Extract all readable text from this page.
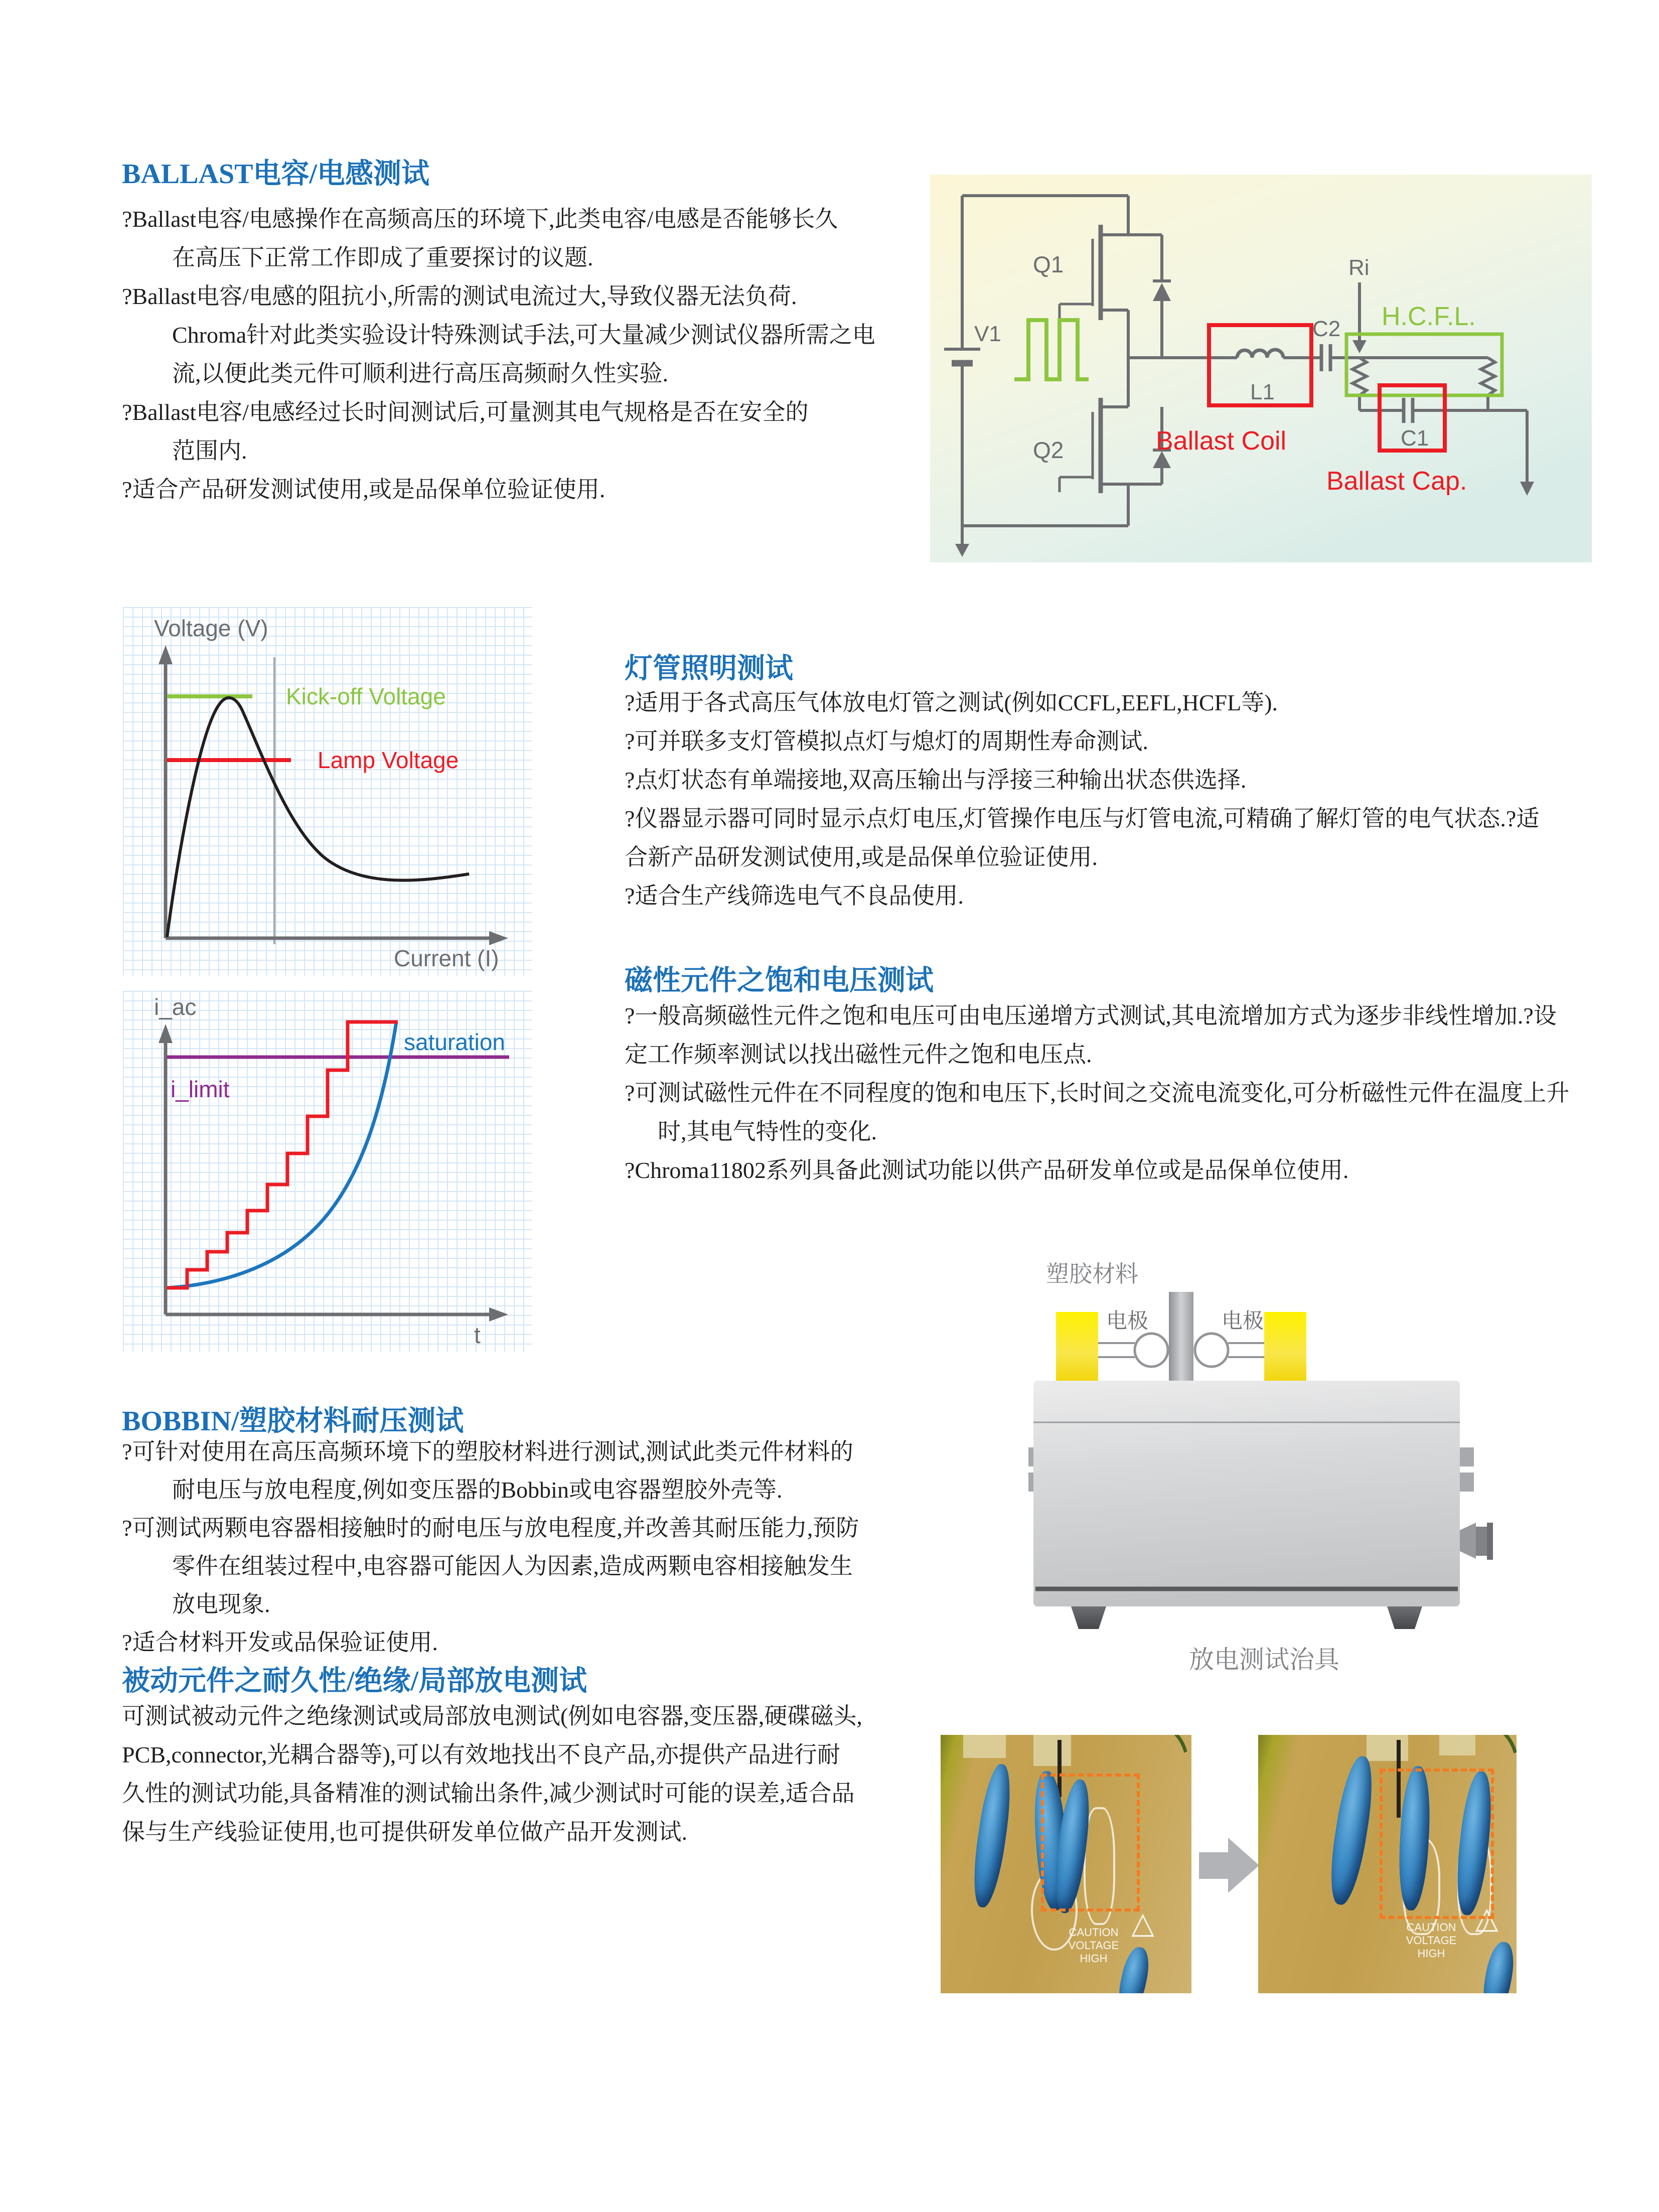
BALLAST电容/电感测试
?Ballast电容/电感操作在高频高压的环境下,此类电容/电感是否能够长久
在高压下正常工作即成了重要探讨的议题.
?Ballast电容/电感的阻抗小,所需的测试电流过大,导致仪器无法负荷.
Chroma针对此类实验设计特殊测试手法,可大量减少测试仪器所需之电
流,以便此类元件可顺利进行高压高频耐久性实验.
?Ballast电容/电感经过长时间测试后,可量测其电气规格是否在安全的
范围内.
?适合产品研发测试使用,或是品保单位验证使用.
V1
Q1
Q2
L1
C2
C1
Ri
H.C.F.L.
Ballast Coil
Ballast Cap.
Voltage (V)
Current (I)
Kick-off Voltage
Lamp Voltage
灯管照明测试
?适用于各式高压气体放电灯管之测试(例如CCFL,EEFL,HCFL等).
?可并联多支灯管模拟点灯与熄灯的周期性寿命测试.
?点灯状态有单端接地,双高压输出与浮接三种输出状态供选择.
?仪器显示器可同时显示点灯电压,灯管操作电压与灯管电流,可精确了解灯管的电气状态.?适
合新产品研发测试使用,或是品保单位验证使用.
?适合生产线筛选电气不良品使用.
磁性元件之饱和电压测试
?一般高频磁性元件之饱和电压可由电压递增方式测试,其电流增加方式为逐步非线性增加.?设
定工作频率测试以找出磁性元件之饱和电压点.
?可测试磁性元件在不同程度的饱和电压下,长时间之交流电流变化,可分析磁性元件在温度上升
时,其电气特性的变化.
?Chroma11802系列具备此测试功能以供产品研发单位或是品保单位使用.
i_ac
t
i_limit
saturation
BOBBIN/塑胶材料耐压测试
?可针对使用在高压高频环境下的塑胶材料进行测试,测试此类元件材料的
耐电压与放电程度,例如变压器的Bobbin或电容器塑胶外壳等.
?可测试两颗电容器相接触时的耐电压与放电程度,并改善其耐压能力,预防
零件在组装过程中,电容器可能因人为因素,造成两颗电容相接触发生
放电现象.
?适合材料开发或品保验证使用.
被动元件之耐久性/绝缘/局部放电测试
可测试被动元件之绝缘测试或局部放电测试(例如电容器,变压器,硬碟磁头,
PCB,connector,光耦合器等),可以有效地找出不良产品,亦提供产品进行耐
久性的测试功能,具备精准的测试输出条件,减少测试时可能的误差,适合品
保与生产线验证使用,也可提供研发单位做产品开发测试.
塑胶材料
电极	电极
放电测试治具
CAUTION
VOLTAGE HIGH
△	CAUTION
VOLTAGE HIGH
△
